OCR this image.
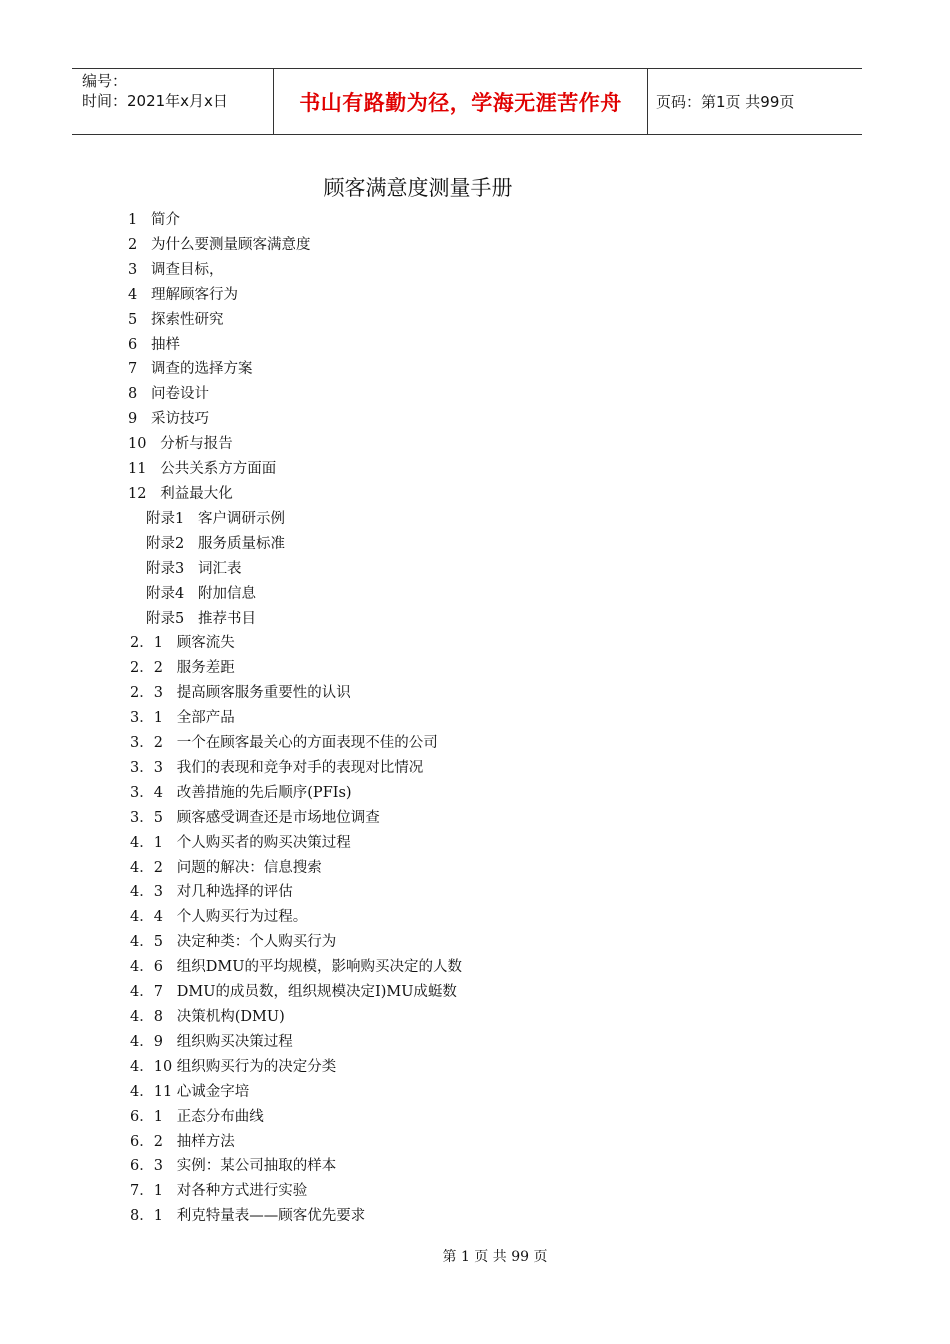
编号：
时间：2021年x月x日	书山有路勤为径，学海无涯苦作舟	页码：第1页 共99页
顾客满意度测量手册
1   简介
2   为什么要测量顾客满意度
3   调查目标，
4   理解顾客行为
5   探索性研究
6   抽样
7   调查的选择方案
8   问卷设计
9   采访技巧
10   分析与报告
11   公共关系方方面面
12   利益最大化
附录1   客户调研示例
附录2   服务质量标准
附录3   词汇表
附录4   附加信息
附录5   推荐书目
2．1   顾客流失
2．2   服务差距
2．3   提高顾客服务重要性的认识
3．1   全部产品
3．2   一个在顾客最关心的方面表现不佳的公司
3．3   我们的表现和竞争对手的表现对比情况
3．4   改善措施的先后顺序(PFIs)
3．5   顾客感受调查还是市场地位调查
4．1   个人购买者的购买决策过程
4．2   问题的解决：信息搜索
4．3   对几种选择的评估
4．4   个人购买行为过程。
4．5   决定种类：个人购买行为
4．6   组织DMU的平均规模，影响购买决定的人数
4．7   DMU的成员数，组织规模决定I)MU成蜓数
4．8   决策机构(DMU)
4．9   组织购买决策过程
4．10 组织购买行为的决定分类
4．11 心诚金字培
6．1   正态分布曲线
6．2   抽样方法
6．3   实例：某公司抽取的样本
7．1   对各种方式进行实验
8．1   利克特量表——顾客优先要求
第 1 页 共 99 页
